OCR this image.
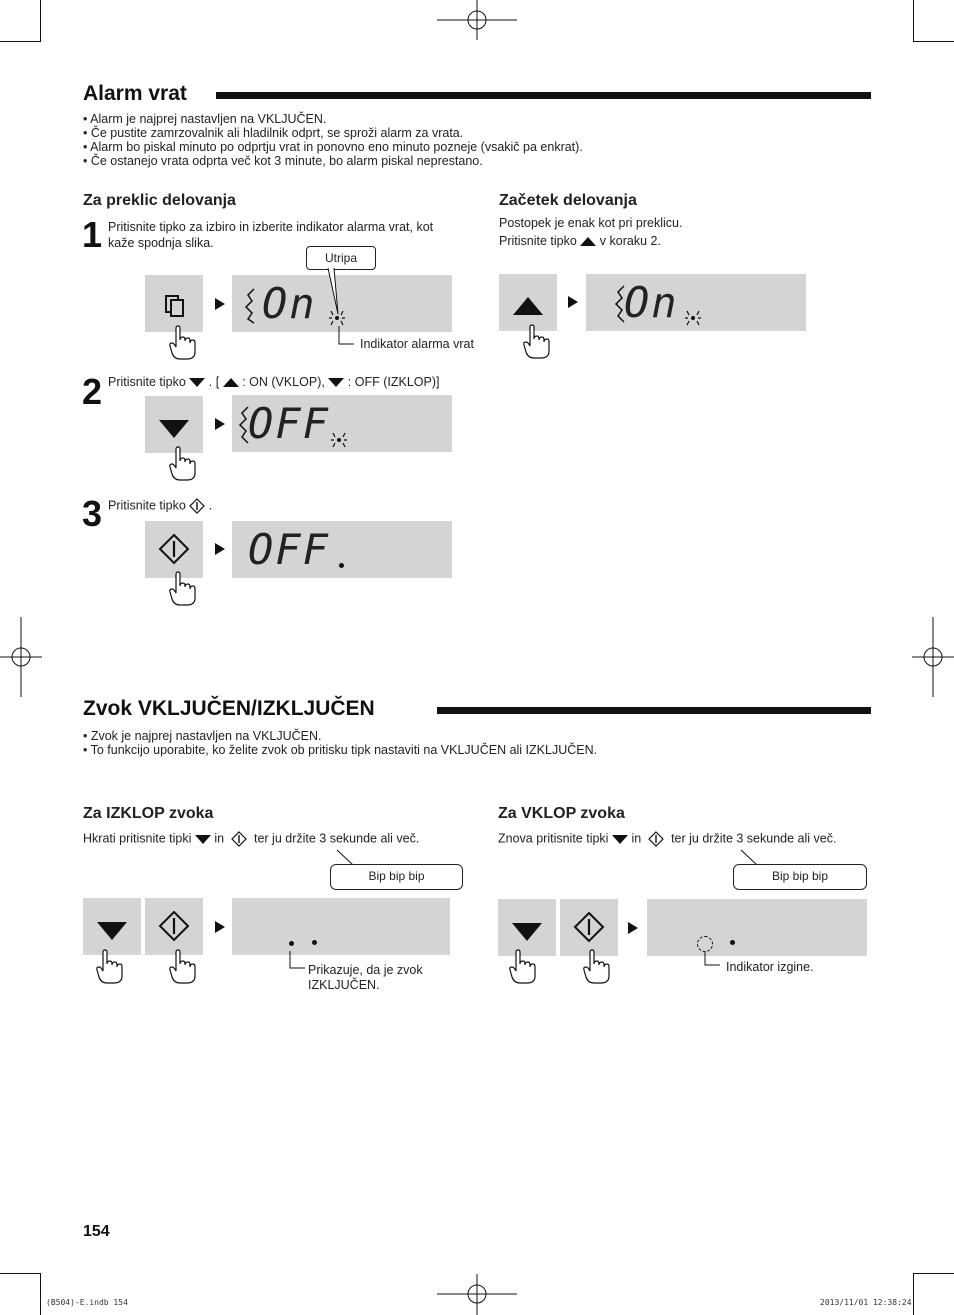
Alarm vrat
• Alarm je najprej nastavljen na VKLJUČEN.
• Če pustite zamrzovalnik ali hladilnik odprt, se sproži alarm za vrata.
• Alarm bo piskal minuto po odprtju vrat in ponovno eno minuto pozneje (vsakič pa enkrat).
• Če ostanejo vrata odprta več kot 3 minute, bo alarm piskal neprestano.
Za preklic delovanja
1 Pritisnite tipko za izbiro in izberite indikator alarma vrat, kot
kaže spodnja slika.
On
Utripa
Indikator alarma vrat
2 Pritisnite tipko . [ : ON (VKLOP), : OFF (IZKLOP)]
OFF
3 Pritisnite tipko .
OFF
Začetek delovanja
Postopek je enak kot pri preklicu.
Pritisnite tipko v koraku 2.
On
Zvok VKLJUČEN/IZKLJUČEN
• Zvok je najprej nastavljen na VKLJUČEN.
• To funkcijo uporabite, ko želite zvok ob pritisku tipk nastaviti na VKLJUČEN ali IZKLJUČEN.
Za IZKLOP zvoka
Hkrati pritisnite tipki in ter ju držite 3 sekunde ali več.
Bip bip bip
Prikazuje, da je zvok
IZKLJUČEN.
Za VKLOP zvoka
Znova pritisnite tipki in ter ju držite 3 sekunde ali več.
Bip bip bip
Indikator izgine.
154
(B504)-E.indb 154	2013/11/01 12:38:24
